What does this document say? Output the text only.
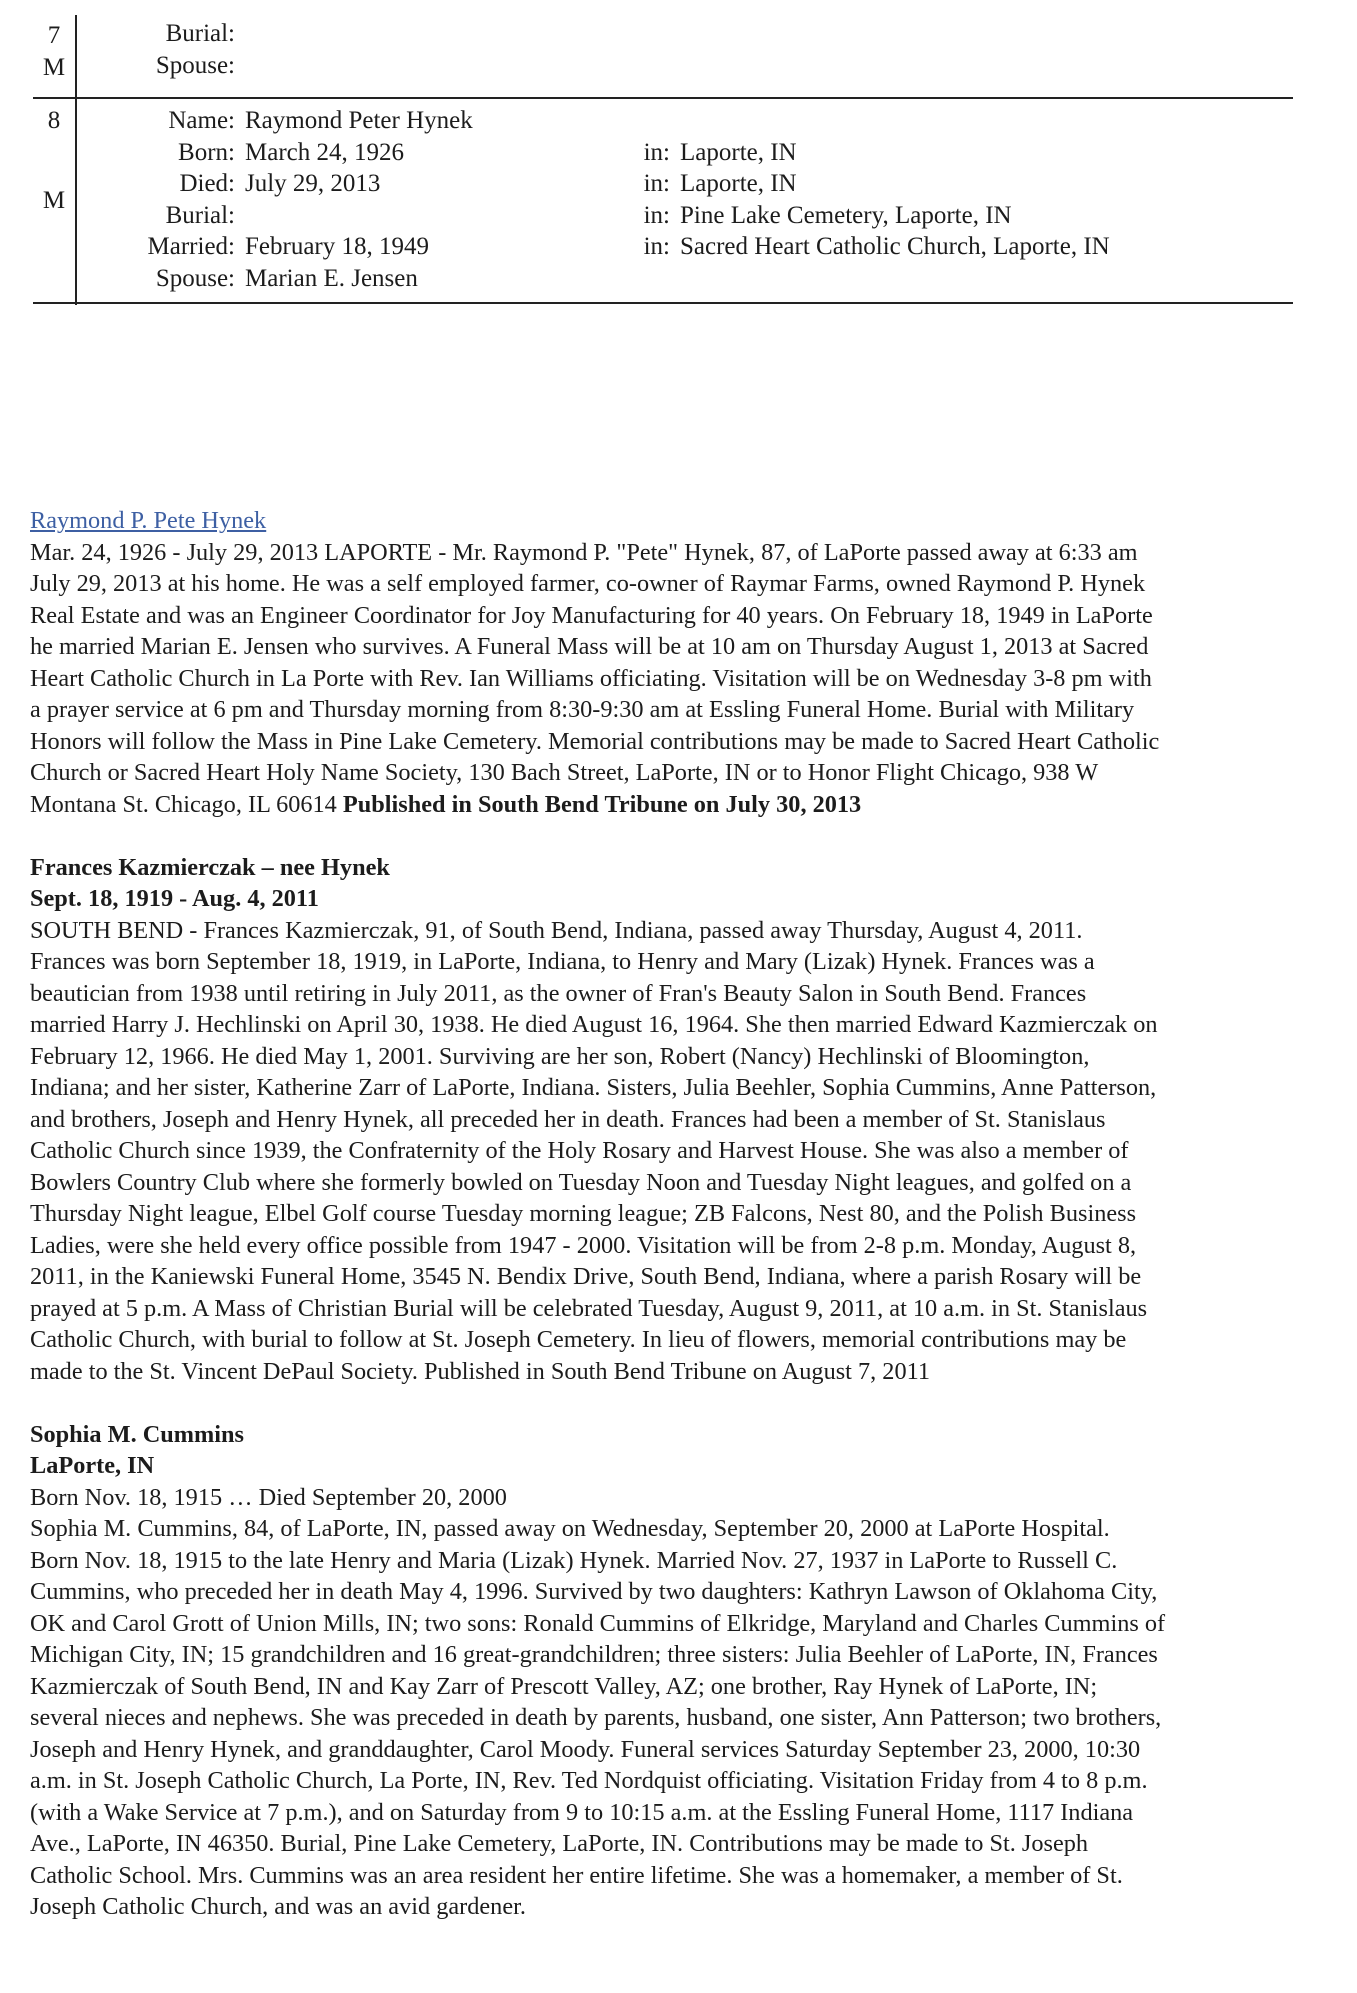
7
M
Burial:
Spouse:
8
M
Name: Raymond Peter Hynek
Born: March 24, 1926	in: Laporte, IN
Died: July 29, 2013	in: Laporte, IN
Burial:	in: Pine Lake Cemetery, Laporte, IN
Married: February 18, 1949	in: Sacred Heart Catholic Church, Laporte, IN
Spouse: Marian E. Jensen
Raymond P. Pete Hynek
Mar. 24, 1926 - July 29, 2013 LAPORTE - Mr. Raymond P. "Pete" Hynek, 87, of LaPorte passed away at 6:33 am
July 29, 2013 at his home. He was a self employed farmer, co-owner of Raymar Farms, owned Raymond P. Hynek
Real Estate and was an Engineer Coordinator for Joy Manufacturing for 40 years. On February 18, 1949 in LaPorte
he married Marian E. Jensen who survives. A Funeral Mass will be at 10 am on Thursday August 1, 2013 at Sacred
Heart Catholic Church in La Porte with Rev. Ian Williams officiating. Visitation will be on Wednesday 3-8 pm with
a prayer service at 6 pm and Thursday morning from 8:30-9:30 am at Essling Funeral Home. Burial with Military
Honors will follow the Mass in Pine Lake Cemetery. Memorial contributions may be made to Sacred Heart Catholic
Church or Sacred Heart Holy Name Society, 130 Bach Street, LaPorte, IN or to Honor Flight Chicago, 938 W
Montana St. Chicago, IL 60614 Published in South Bend Tribune on July 30, 2013
Frances Kazmierczak – nee Hynek
Sept. 18, 1919 - Aug. 4, 2011
SOUTH BEND - Frances Kazmierczak, 91, of South Bend, Indiana, passed away Thursday, August 4, 2011.
Frances was born September 18, 1919, in LaPorte, Indiana, to Henry and Mary (Lizak) Hynek. Frances was a
beautician from 1938 until retiring in July 2011, as the owner of Fran's Beauty Salon in South Bend. Frances
married Harry J. Hechlinski on April 30, 1938. He died August 16, 1964. She then married Edward Kazmierczak on
February 12, 1966. He died May 1, 2001. Surviving are her son, Robert (Nancy) Hechlinski of Bloomington,
Indiana; and her sister, Katherine Zarr of LaPorte, Indiana. Sisters, Julia Beehler, Sophia Cummins, Anne Patterson,
and brothers, Joseph and Henry Hynek, all preceded her in death. Frances had been a member of St. Stanislaus
Catholic Church since 1939, the Confraternity of the Holy Rosary and Harvest House. She was also a member of
Bowlers Country Club where she formerly bowled on Tuesday Noon and Tuesday Night leagues, and golfed on a
Thursday Night league, Elbel Golf course Tuesday morning league; ZB Falcons, Nest 80, and the Polish Business
Ladies, were she held every office possible from 1947 - 2000. Visitation will be from 2-8 p.m. Monday, August 8,
2011, in the Kaniewski Funeral Home, 3545 N. Bendix Drive, South Bend, Indiana, where a parish Rosary will be
prayed at 5 p.m. A Mass of Christian Burial will be celebrated Tuesday, August 9, 2011, at 10 a.m. in St. Stanislaus
Catholic Church, with burial to follow at St. Joseph Cemetery. In lieu of flowers, memorial contributions may be
made to the St. Vincent DePaul Society. Published in South Bend Tribune on August 7, 2011
Sophia M. Cummins
LaPorte, IN
Born Nov. 18, 1915 … Died September 20, 2000
Sophia M. Cummins, 84, of LaPorte, IN, passed away on Wednesday, September 20, 2000 at LaPorte Hospital.
Born Nov. 18, 1915 to the late Henry and Maria (Lizak) Hynek. Married Nov. 27, 1937 in LaPorte to Russell C.
Cummins, who preceded her in death May 4, 1996. Survived by two daughters: Kathryn Lawson of Oklahoma City,
OK and Carol Grott of Union Mills, IN; two sons: Ronald Cummins of Elkridge, Maryland and Charles Cummins of
Michigan City, IN; 15 grandchildren and 16 great-grandchildren; three sisters: Julia Beehler of LaPorte, IN, Frances
Kazmierczak of South Bend, IN and Kay Zarr of Prescott Valley, AZ; one brother, Ray Hynek of LaPorte, IN;
several nieces and nephews. She was preceded in death by parents, husband, one sister, Ann Patterson; two brothers,
Joseph and Henry Hynek, and granddaughter, Carol Moody. Funeral services Saturday September 23, 2000, 10:30
a.m. in St. Joseph Catholic Church, La Porte, IN, Rev. Ted Nordquist officiating. Visitation Friday from 4 to 8 p.m.
(with a Wake Service at 7 p.m.), and on Saturday from 9 to 10:15 a.m. at the Essling Funeral Home, 1117 Indiana
Ave., LaPorte, IN 46350. Burial, Pine Lake Cemetery, LaPorte, IN. Contributions may be made to St. Joseph
Catholic School. Mrs. Cummins was an area resident her entire lifetime. She was a homemaker, a member of St.
Joseph Catholic Church, and was an avid gardener.
